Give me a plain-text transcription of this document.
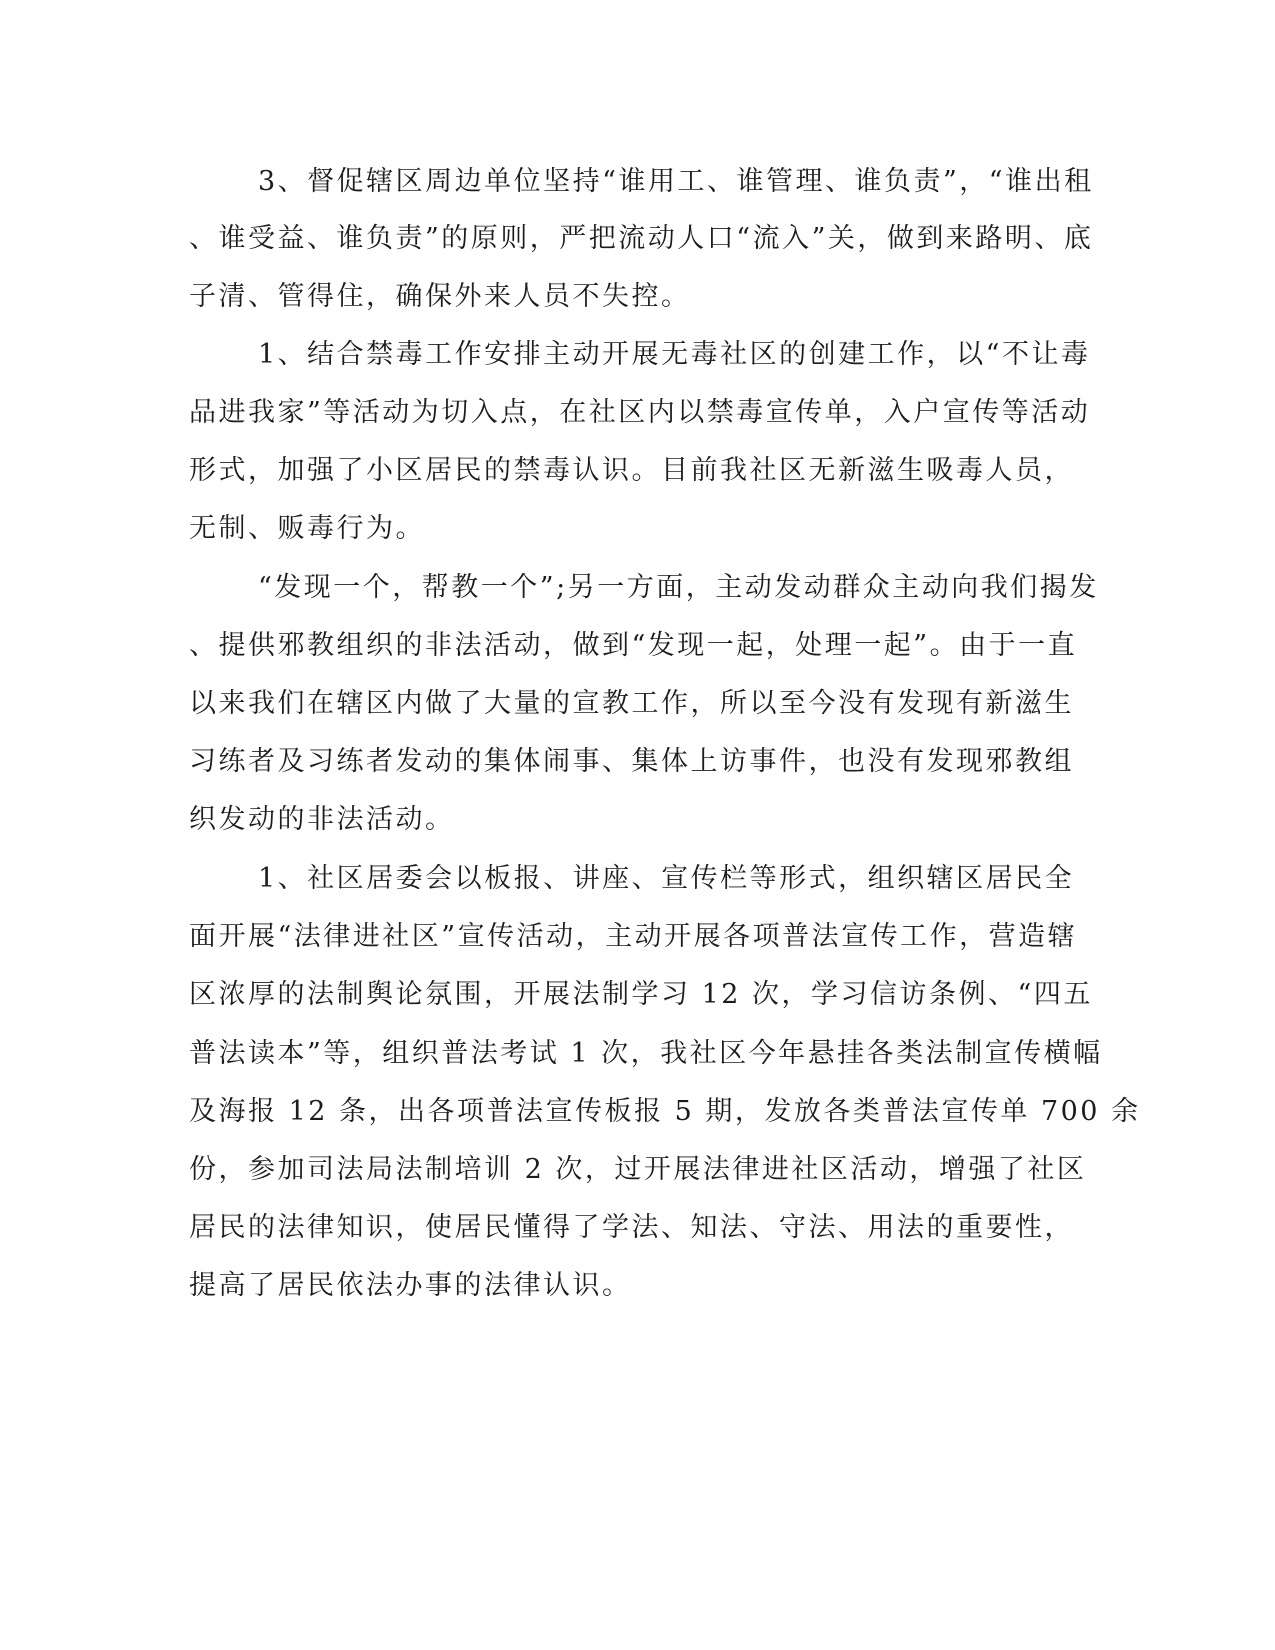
3、督促辖区周边单位坚持“谁用工、谁管理、谁负责”，“谁出租
、谁受益、谁负责”的原则，严把流动人口“流入”关，做到来路明、底
子清、管得住，确保外来人员不失控。
1、结合禁毒工作安排主动开展无毒社区的创建工作，以“不让毒
品进我家”等活动为切入点，在社区内以禁毒宣传单，入户宣传等活动
形式，加强了小区居民的禁毒认识。目前我社区无新滋生吸毒人员，
无制、贩毒行为。
“发现一个，帮教一个”;另一方面，主动发动群众主动向我们揭发
、提供邪教组织的非法活动，做到“发现一起，处理一起”。由于一直
以来我们在辖区内做了大量的宣教工作，所以至今没有发现有新滋生
习练者及习练者发动的集体闹事、集体上访事件，也没有发现邪教组
织发动的非法活动。
1、社区居委会以板报、讲座、宣传栏等形式，组织辖区居民全
面开展“法律进社区”宣传活动，主动开展各项普法宣传工作，营造辖
区浓厚的法制舆论氛围，开展法制学习 12 次，学习信访条例、“四五
普法读本”等，组织普法考试 1 次，我社区今年悬挂各类法制宣传横幅
及海报 12 条，出各项普法宣传板报 5 期，发放各类普法宣传单 700 余
份，参加司法局法制培训 2 次，过开展法律进社区活动，增强了社区
居民的法律知识，使居民懂得了学法、知法、守法、用法的重要性，
提高了居民依法办事的法律认识。
